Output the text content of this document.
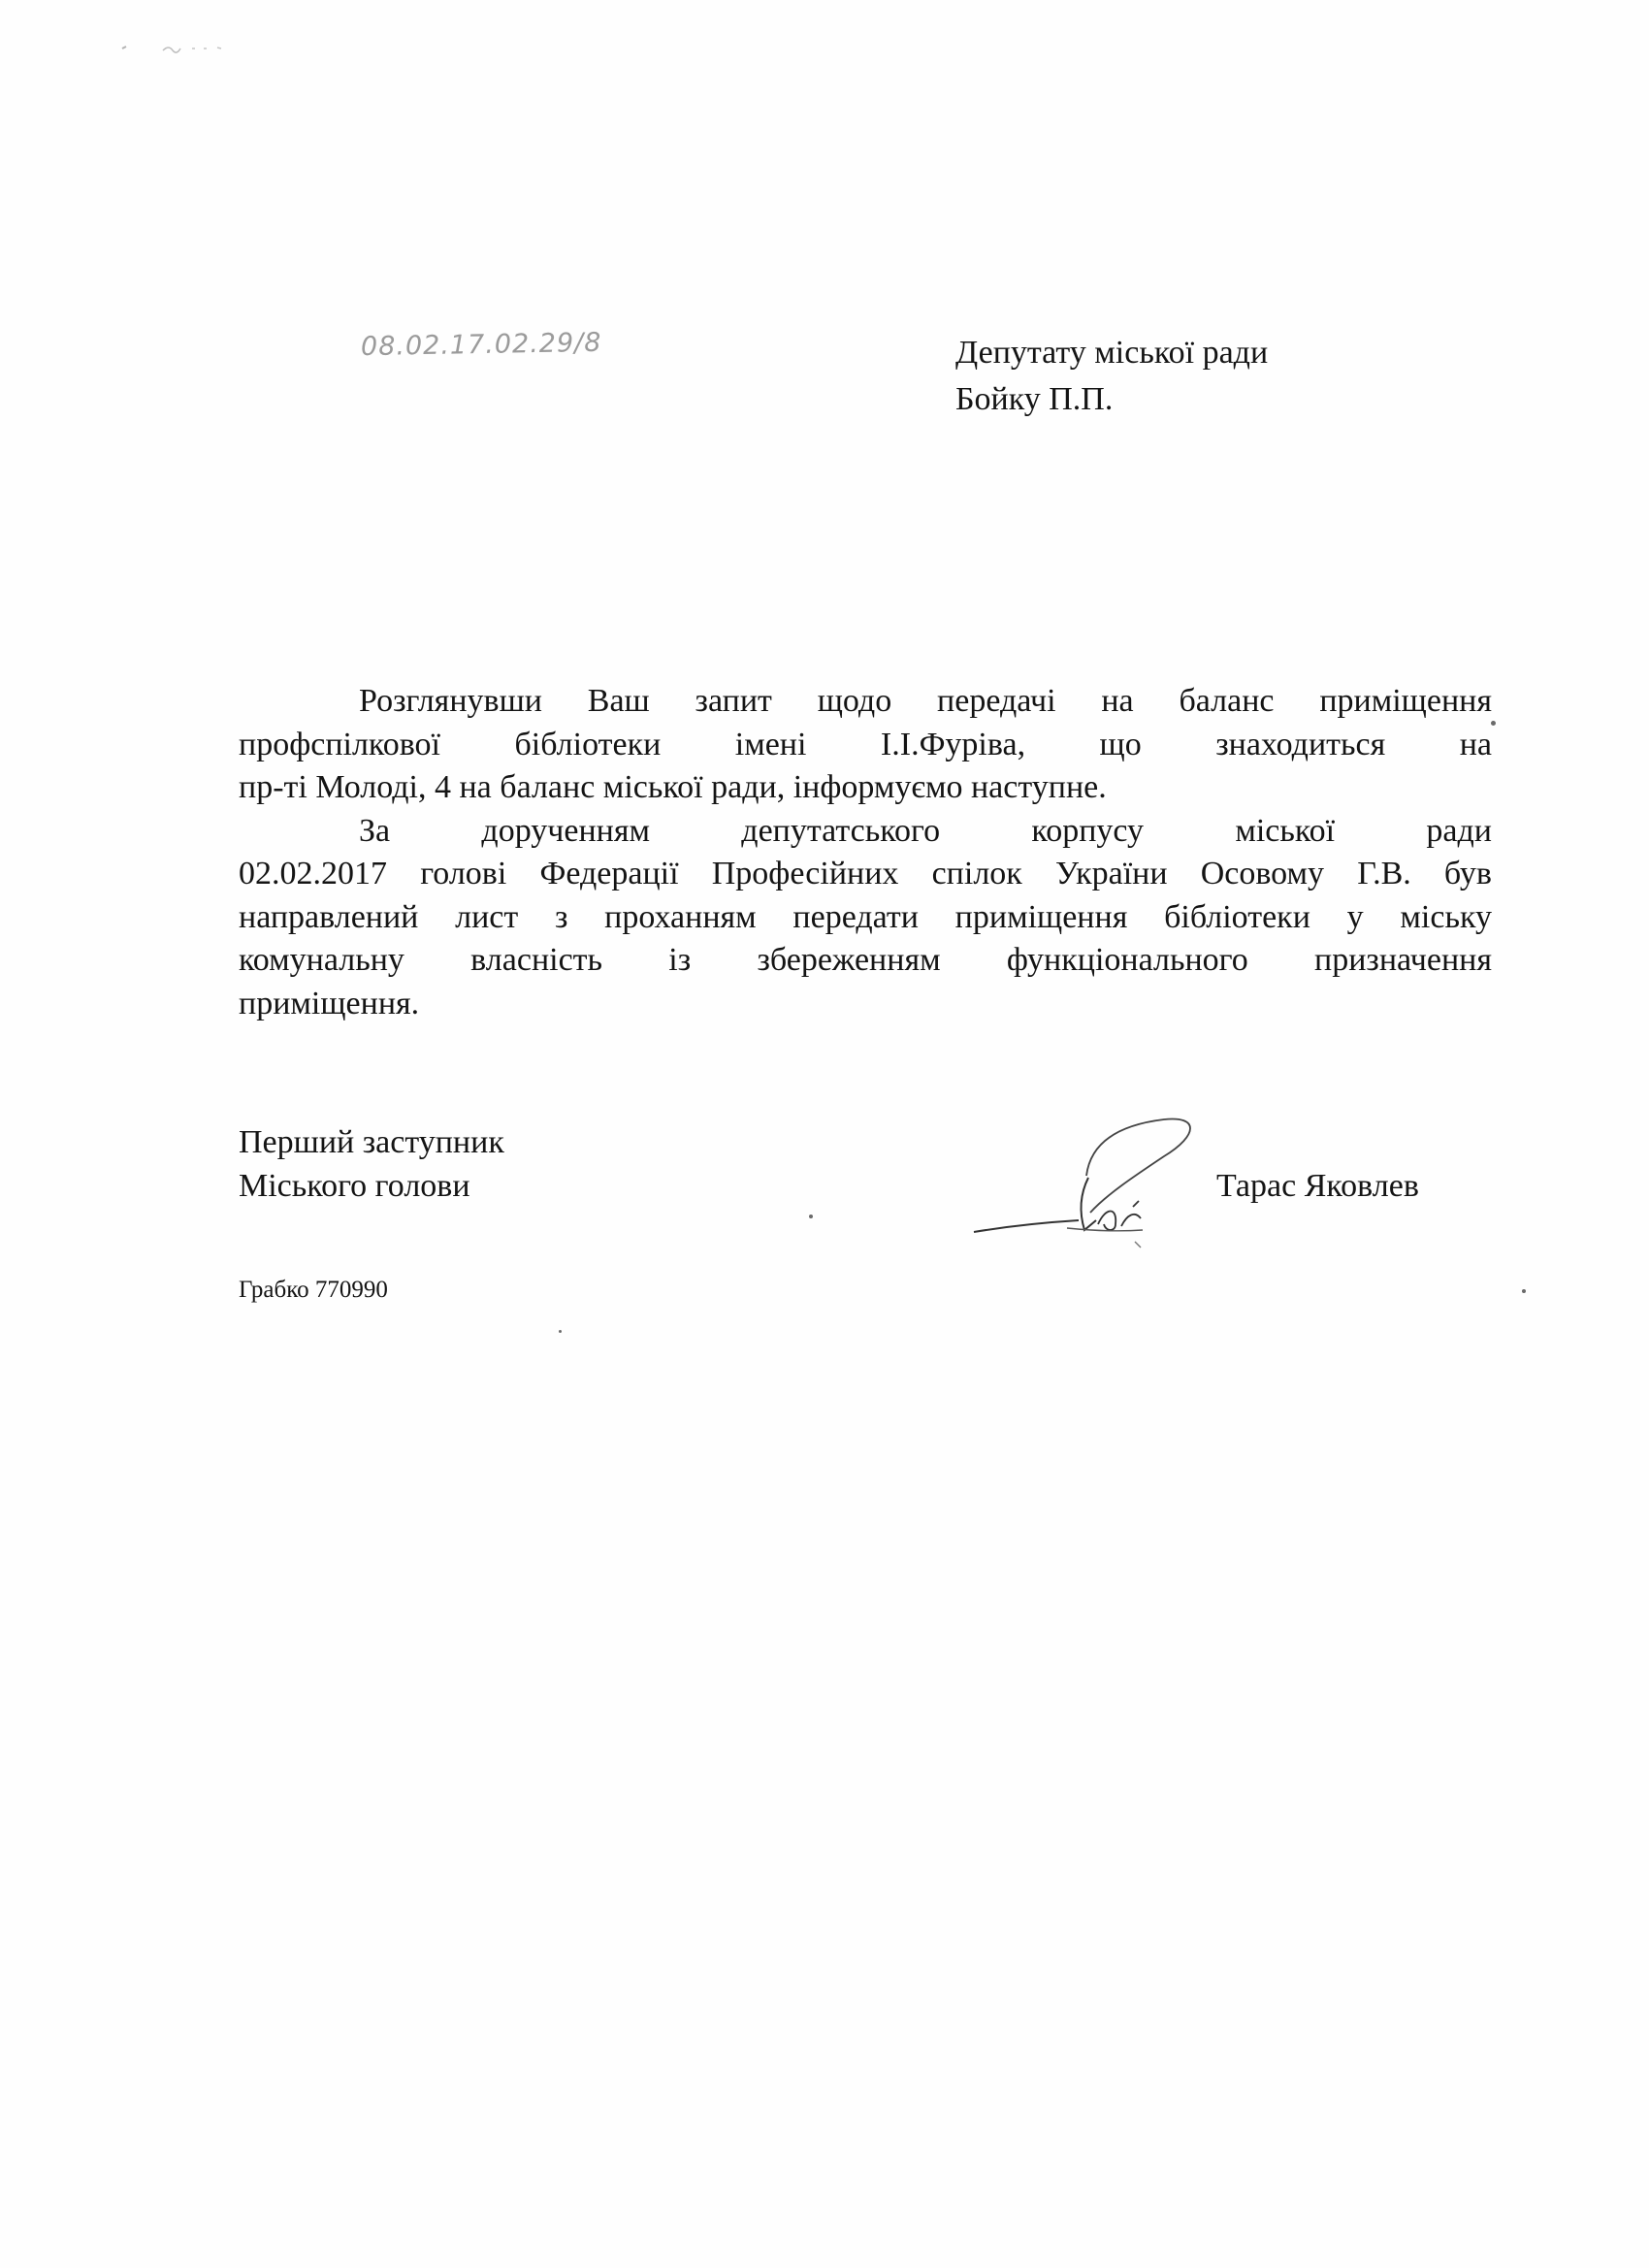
08.02.17.02.29/8	Депутату міської ради
Бойку П.П.
Розглянувши Ваш запит щодо передачі на баланс приміщення
профспілкової бібліотеки імені І.І.Фуріва, що знаходиться на
пр-ті Молоді, 4 на баланс міської ради, інформуємо наступне.
За дорученням депутатського корпусу міської ради
02.02.2017 голові Федерації Професійних спілок України Осовому Г.В. був
направлений лист з проханням передати приміщення бібліотеки у міську
комунальну власність із збереженням функціонального призначення
приміщення.
Перший заступник
Міського голови	Тарас Яковлев
Грабко 770990
